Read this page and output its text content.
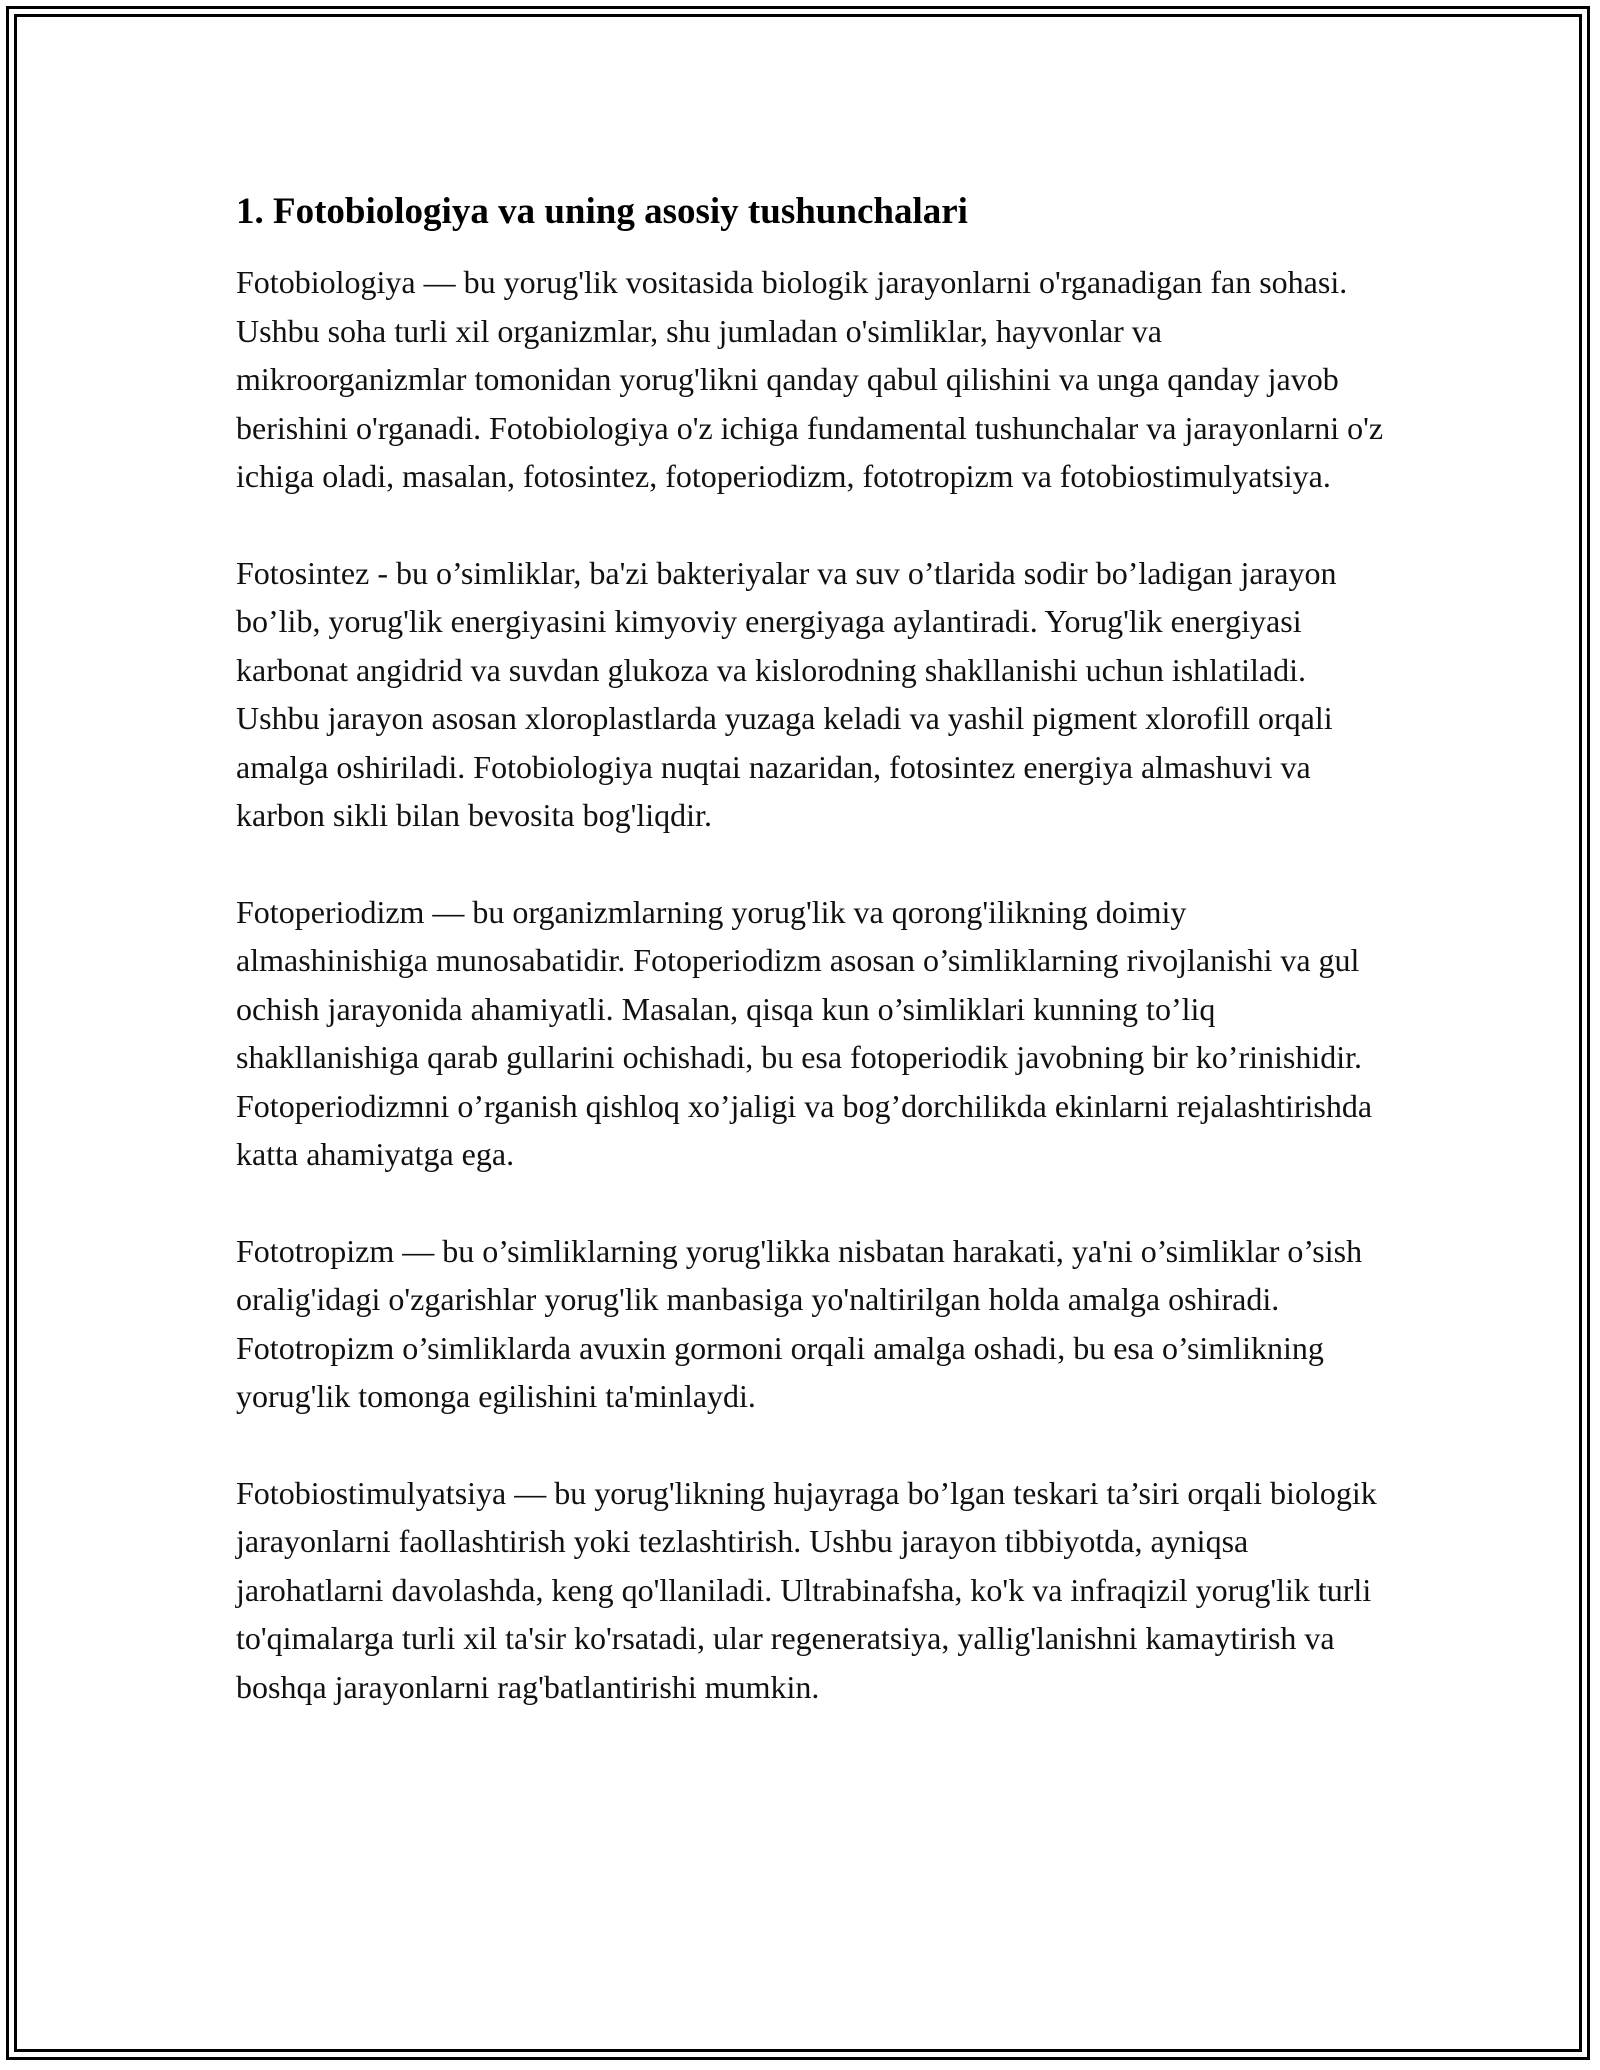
1. Fotobiologiya va uning asosiy tushunchalari

Fotobiologiya — bu yorug'lik vositasida biologik jarayonlarni o'rganadigan fan sohasi. Ushbu soha turli xil organizmlar, shu jumladan o'simliklar, hayvonlar va mikroorganizmlar tomonidan yorug'likni qanday qabul qilishini va unga qanday javob berishini o'rganadi. Fotobiologiya o'z ichiga fundamental tushunchalar va jarayonlarni o'z ichiga oladi, masalan, fotosintez, fotoperiodizm, fototropizm va fotobiostimulyatsiya.

Fotosintez - bu o’simliklar, ba'zi bakteriyalar va suv o’tlarida sodir bo’ladigan jarayon bo’lib, yorug'lik energiyasini kimyoviy energiyaga aylantiradi. Yorug'lik energiyasi karbonat angidrid va suvdan glukoza va kislorodning shakllanishi uchun ishlatiladi. Ushbu jarayon asosan xloroplastlarda yuzaga keladi va yashil pigment xlorofill orqali amalga oshiriladi. Fotobiologiya nuqtai nazaridan, fotosintez energiya almashuvi va karbon sikli bilan bevosita bog'liqdir.

Fotoperiodizm — bu organizmlarning yorug'lik va qorong'ilikning doimiy almashinishiga munosabatidir. Fotoperiodizm asosan o’simliklarning rivojlanishi va gul ochish jarayonida ahamiyatli. Masalan, qisqa kun o’simliklari kunning to’liq shakllanishiga qarab gullarini ochishadi, bu esa fotoperiodik javobning bir ko’rinishidir. Fotoperiodizmni o’rganish qishloq xo’jaligi va bog’dorchilikda ekinlarni rejalashtirishda katta ahamiyatga ega.

Fototropizm — bu o’simliklarning yorug'likka nisbatan harakati, ya'ni o’simliklar o’sish oralig'idagi o'zgarishlar yorug'lik manbasiga yo'naltirilgan holda amalga oshiradi. Fototropizm o’simliklarda avuxin gormoni orqali amalga oshadi, bu esa o’simlikning yorug'lik tomonga egilishini ta'minlaydi.

Fotobiostimulyatsiya — bu yorug'likning hujayraga bo’lgan teskari ta’siri orqali biologik jarayonlarni faollashtirish yoki tezlashtirish. Ushbu jarayon tibbiyotda, ayniqsa jarohatlarni davolashda, keng qo'llaniladi. Ultrabinafsha, ko'k va infraqizil yorug'lik turli to'qimalarga turli xil ta'sir ko'rsatadi, ular regeneratsiya, yallig'lanishni kamaytirish va boshqa jarayonlarni rag'batlantirishi mumkin.
